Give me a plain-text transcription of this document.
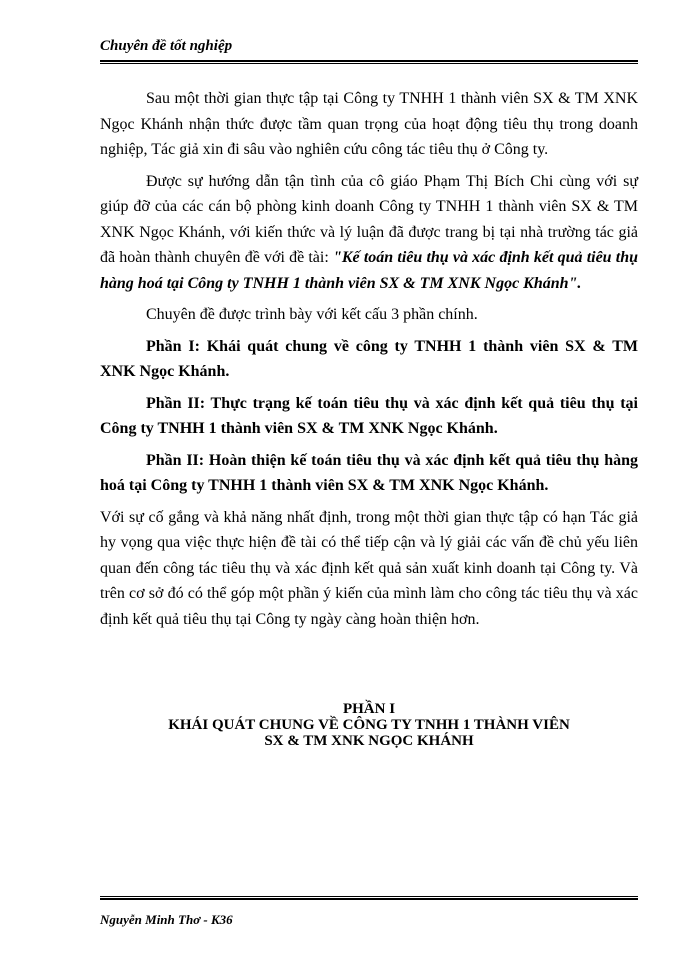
Chuyên đề tốt nghiệp

Sau một thời gian thực tập tại Công ty TNHH 1 thành viên SX & TM XNK Ngọc Khánh nhận thức được tầm quan trọng của hoạt động tiêu thụ trong doanh nghiệp, Tác giả xin đi sâu vào nghiên cứu công tác tiêu thụ ở Công ty.

Được sự hướng dẫn tận tình của cô giáo Phạm Thị Bích Chi cùng với sự giúp đỡ của các cán bộ phòng kinh doanh Công ty TNHH 1 thành viên SX & TM XNK Ngọc Khánh, với kiến thức và lý luận đã được trang bị tại nhà trường tác giả đã hoàn thành chuyên đề với đề tài: "Kế toán tiêu thụ và xác định kết quả tiêu thụ hàng hoá tại Công ty TNHH 1 thành viên SX & TM XNK Ngọc Khánh".

Chuyên đề được trình bày với kết cấu 3 phần chính.

Phần I: Khái quát chung về công ty TNHH 1 thành viên SX & TM XNK Ngọc Khánh.

Phần II: Thực trạng kế toán tiêu thụ và xác định kết quả tiêu thụ tại Công ty TNHH 1 thành viên SX & TM XNK Ngọc Khánh.

Phần II: Hoàn thiện kế toán tiêu thụ và xác định kết quả tiêu thụ hàng hoá tại Công ty TNHH 1 thành viên SX & TM XNK Ngọc Khánh.

Với sự cố gắng và khả năng nhất định, trong một thời gian thực tập có hạn Tác giả hy vọng qua việc thực hiện đề tài có thể tiếp cận và lý giải các vấn đề chủ yếu liên quan đến công tác tiêu thụ và xác định kết quả sản xuất kinh doanh tại Công ty. Và trên cơ sở đó có thể góp một phần ý kiến của mình làm cho công tác tiêu thụ và xác định kết quả tiêu thụ tại Công ty ngày càng hoàn thiện hơn.

PHẦN I
KHÁI QUÁT CHUNG VỀ CÔNG TY TNHH 1 THÀNH VIÊN
SX & TM XNK NGỌC KHÁNH
Nguyễn Minh Thơ - K36
